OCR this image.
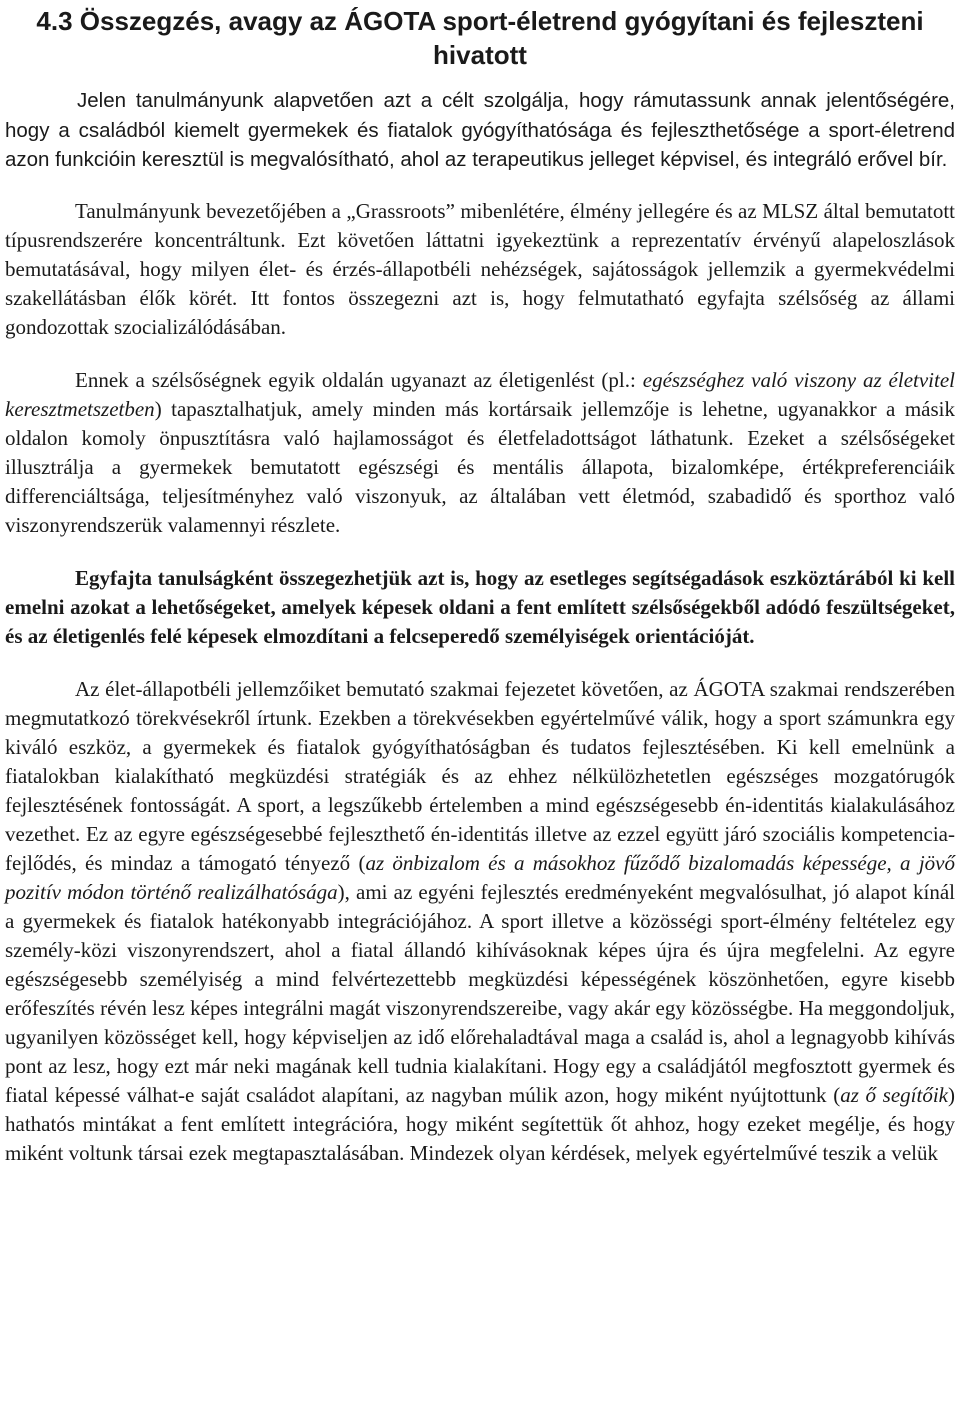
4.3 Összegzés, avagy az ÁGOTA sport-életrend gyógyítani és fejleszteni hivatott

Jelen tanulmányunk alapvetően azt a célt szolgálja, hogy rámutassunk annak jelentőségére, hogy a családból kiemelt gyermekek és fiatalok gyógyíthatósága és fejleszthetősége a sport-életrend azon funkcióin keresztül is megvalósítható, ahol az terapeutikus jelleget képvisel, és integráló erővel bír.

Tanulmányunk bevezetőjében a „Grassroots” mibenlétére, élmény jellegére és az MLSZ által bemutatott típusrendszerére koncentráltunk. Ezt követően láttatni igyekeztünk a reprezentatív érvényű alapeloszlások bemutatásával, hogy milyen élet- és érzés-állapotbéli nehézségek, sajátosságok jellemzik a gyermekvédelmi szakellátásban élők körét. Itt fontos összegezni azt is, hogy felmutatható egyfajta szélsőség az állami gondozottak szocializálódásában.

Ennek a szélsőségnek egyik oldalán ugyanazt az életigenlést (pl.: egészséghez való viszony az életvitel keresztmetszetben) tapasztalhatjuk, amely minden más kortársaik jellemzője is lehetne, ugyanakkor a másik oldalon komoly önpusztításra való hajlamosságot és életfeladottságot láthatunk. Ezeket a szélsőségeket illusztrálja a gyermekek bemutatott egészségi és mentális állapota, bizalomképe, értékpreferenciáik differenciáltsága, teljesítményhez való viszonyuk, az általában vett életmód, szabadidő és sporthoz való viszonyrendszerük valamennyi részlete.

Egyfajta tanulságként összegezhetjük azt is, hogy az esetleges segítségadások eszköztárából ki kell emelni azokat a lehetőségeket, amelyek képesek oldani a fent említett szélsőségekből adódó feszültségeket, és az életigenlés felé képesek elmozdítani a felcseperedő személyiségek orientációját.

Az élet-állapotbéli jellemzőiket bemutató szakmai fejezetet követően, az ÁGOTA szakmai rendszerében megmutatkozó törekvésekről írtunk. Ezekben a törekvésekben egyértelművé válik, hogy a sport számunkra egy kiváló eszköz, a gyermekek és fiatalok gyógyíthatóságban és tudatos fejlesztésében. Ki kell emelnünk a fiatalokban kialakítható megküzdési stratégiák és az ehhez nélkülözhetetlen egészséges mozgatórugók fejlesztésének fontosságát. A sport, a legszűkebb értelemben a mind egészségesebb én-identitás kialakulásához vezethet. Ez az egyre egészségesebbé fejleszthető én-identitás illetve az ezzel együtt járó szociális kompetencia-fejlődés, és mindaz a támogató tényező (az önbizalom és a másokhoz fűződő bizalomadás képessége, a jövő pozitív módon történő realizálhatósága), ami az egyéni fejlesztés eredményeként megvalósulhat, jó alapot kínál a gyermekek és fiatalok hatékonyabb integrációjához. A sport illetve a közösségi sport-élmény feltételez egy személy-közi viszonyrendszert, ahol a fiatal állandó kihívásoknak képes újra és újra megfelelni. Az egyre egészségesebb személyiség a mind felvértezettebb megküzdési képességének köszönhetően, egyre kisebb erőfeszítés révén lesz képes integrálni magát viszonyrendszereibe, vagy akár egy közösségbe. Ha meggondoljuk, ugyanilyen közösséget kell, hogy képviseljen az idő előrehaladtával maga a család is, ahol a legnagyobb kihívás pont az lesz, hogy ezt már neki magának kell tudnia kialakítani. Hogy egy a családjától megfosztott gyermek és fiatal képessé válhat-e saját családot alapítani, az nagyban múlik azon, hogy miként nyújtottunk (az ő segítőik) hathatós mintákat a fent említett integrációra, hogy miként segítettük őt ahhoz, hogy ezeket megélje, és hogy miként voltunk társai ezek megtapasztalásában. Mindezek olyan kérdések, melyek egyértelművé teszik a velük
